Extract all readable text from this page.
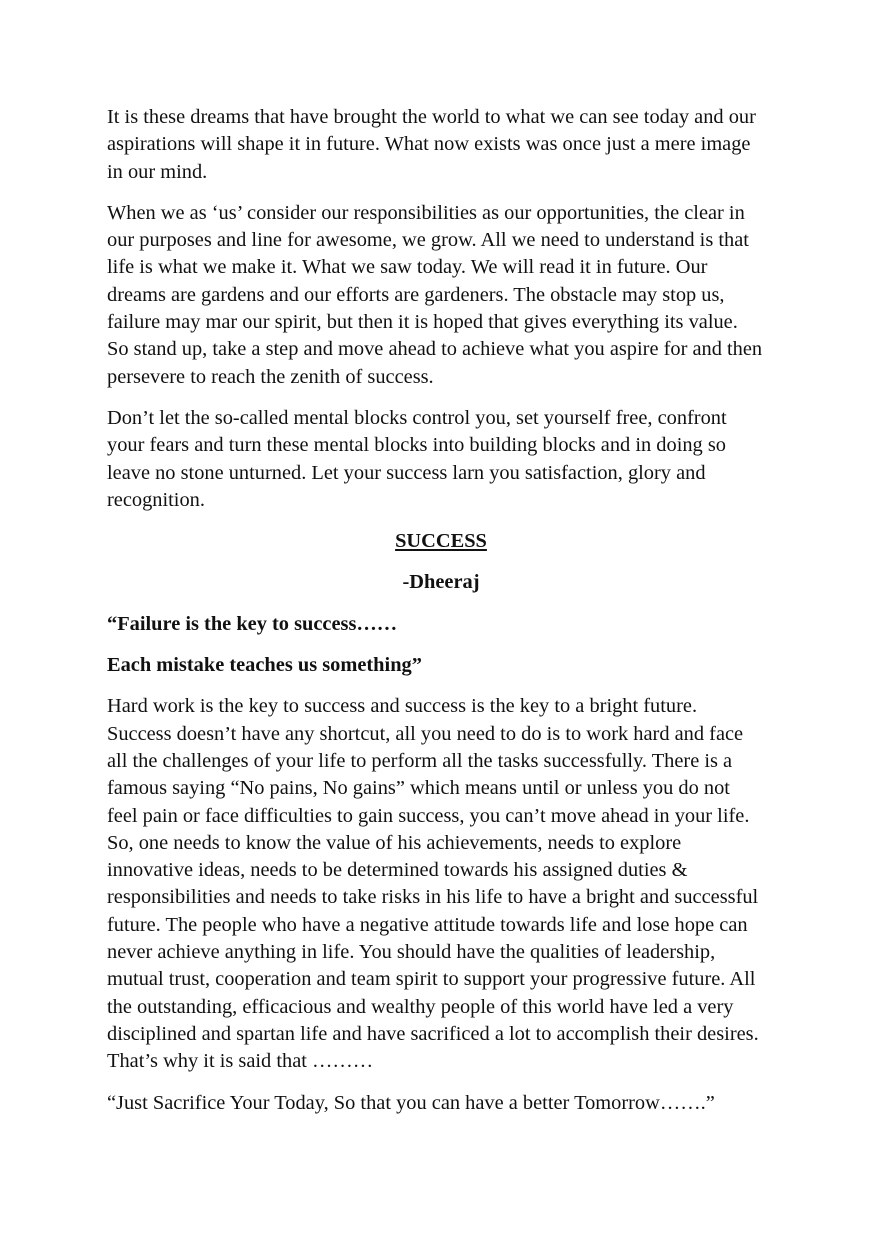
It is these dreams that have brought the world to what we can see today and our
aspirations will shape it in future. What now exists was once just a mere image
in our mind.

When we as ‘us’ consider our responsibilities as our opportunities, the clear in
our purposes and line for awesome, we grow. All we need to understand is that
life is what we make it. What we saw today. We will read it in future. Our
dreams are gardens and our efforts are gardeners. The obstacle may stop us,
failure may mar our spirit, but then it is hoped that gives everything its value.
So stand up, take a step and move ahead to achieve what you aspire for and then
persevere to reach the zenith of success.

Don’t let the so-called mental blocks control you, set yourself free, confront
your fears and turn these mental blocks into building blocks and in doing so
leave no stone unturned. Let your success larn you satisfaction, glory and
recognition.

SUCCESS

-Dheeraj

“Failure is the key to success……

Each mistake teaches us something”

Hard work is the key to success and success is the key to a bright future.
Success doesn’t have any shortcut, all you need to do is to work hard and face
all the challenges of your life to perform all the tasks successfully. There is a
famous saying “No pains, No gains” which means until or unless you do not
feel pain or face difficulties to gain success, you can’t move ahead in your life.
So, one needs to know the value of his achievements, needs to explore
innovative ideas, needs to be determined towards his assigned duties &
responsibilities and needs to take risks in his life to have a bright and successful
future. The people who have a negative attitude towards life and lose hope can
never achieve anything in life. You should have the qualities of leadership,
mutual trust, cooperation and team spirit to support your progressive future. All
the outstanding, efficacious and wealthy people of this world have led a very
disciplined and spartan life and have sacrificed a lot to accomplish their desires.
That’s why it is said that ………

“Just Sacrifice Your Today, So that you can have a better Tomorrow…….”
